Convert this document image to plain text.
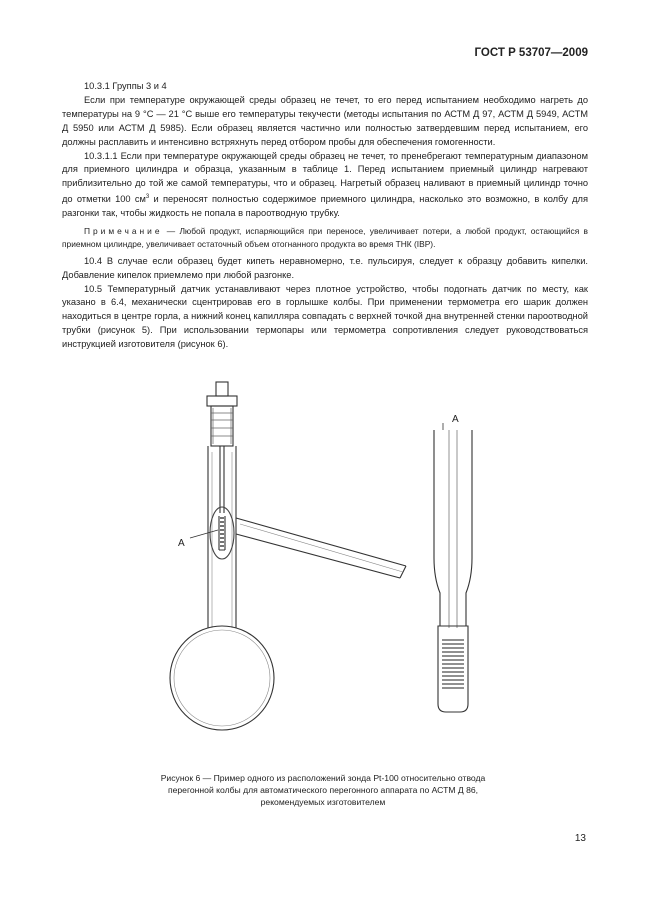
ГОСТ Р 53707—2009

10.3.1 Группы 3 и 4

Если при температуре окружающей среды образец не течет, то его перед испытанием необходимо нагреть до температуры на 9 °С — 21 °С выше его температуры текучести (методы испытания по АСТМ Д 97, АСТМ Д 5949, АСТМ Д 5950 или АСТМ Д 5985). Если образец является частично или полностью затвердевшим перед испытанием, его должны расплавить и интенсивно встряхнуть перед отбором пробы для обеспечения гомогенности.

10.3.1.1 Если при температуре окружающей среды образец не течет, то пренебрегают температурным диапазоном для приемного цилиндра и образца, указанным в таблице 1. Перед испытанием приемный цилиндр нагревают приблизительно до той же самой температуры, что и образец. Нагретый образец наливают в приемный цилиндр точно до отметки 100 $см^3$ и переносят полностью содержимое приемного цилиндра, насколько это возможно, в колбу для разгонки так, чтобы жидкость не попала в пароотводную трубку.

Примечание — Любой продукт, испаряющийся при переносе, увеличивает потери, а любой продукт, остающийся в приемном цилиндре, увеличивает остаточный объем отогнанного продукта во время ТНК (IBP).

10.4 В случае если образец будет кипеть неравномерно, т.е. пульсируя, следует к образцу добавить кипелки. Добавление кипелок приемлемо при любой разгонке.

10.5 Температурный датчик устанавливают через плотное устройство, чтобы подогнать датчик по месту, как указано в 6.4, механически сцентрировав его в горлышке колбы. При применении термометра его шарик должен находиться в центре горла, а нижний конец капилляра совпадать с верхней точкой дна внутренней стенки пароотводной трубки (рисунок 5). При использовании термопары или термометра сопротивления следует руководствоваться инструкцией изготовителя (рисунок 6).

А
А
Рисунок 6 — Пример одного из расположений зонда Pt-100 относительно отвода перегонной колбы для автоматического перегонного аппарата по АСТМ Д 86, рекомендуемых изготовителем
13
